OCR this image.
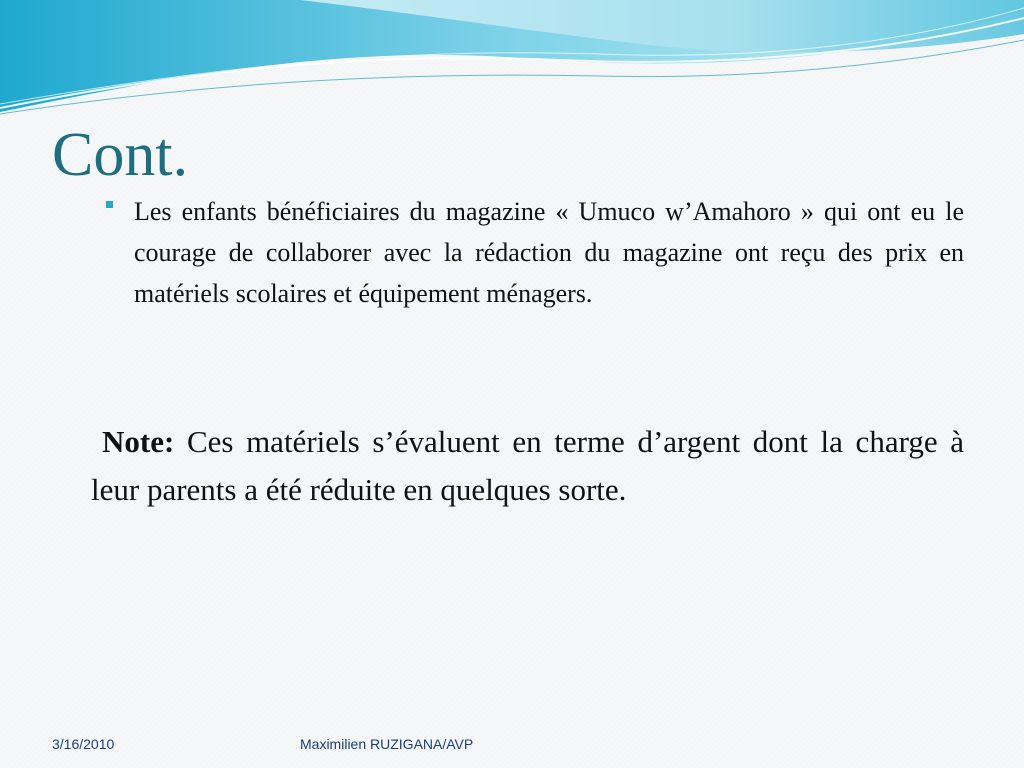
Cont.

Les enfants bénéficiaires du magazine « Umuco w’Amahoro » qui ont eu le courage de collaborer avec la rédaction du magazine ont reçu des prix en matériels scolaires et équipement ménagers.

Note: Ces matériels s’évaluent en terme d’argent dont la charge à leur parents a été réduite en quelques sorte.

3/16/2010	Maximilien RUZIGANA/AVP
